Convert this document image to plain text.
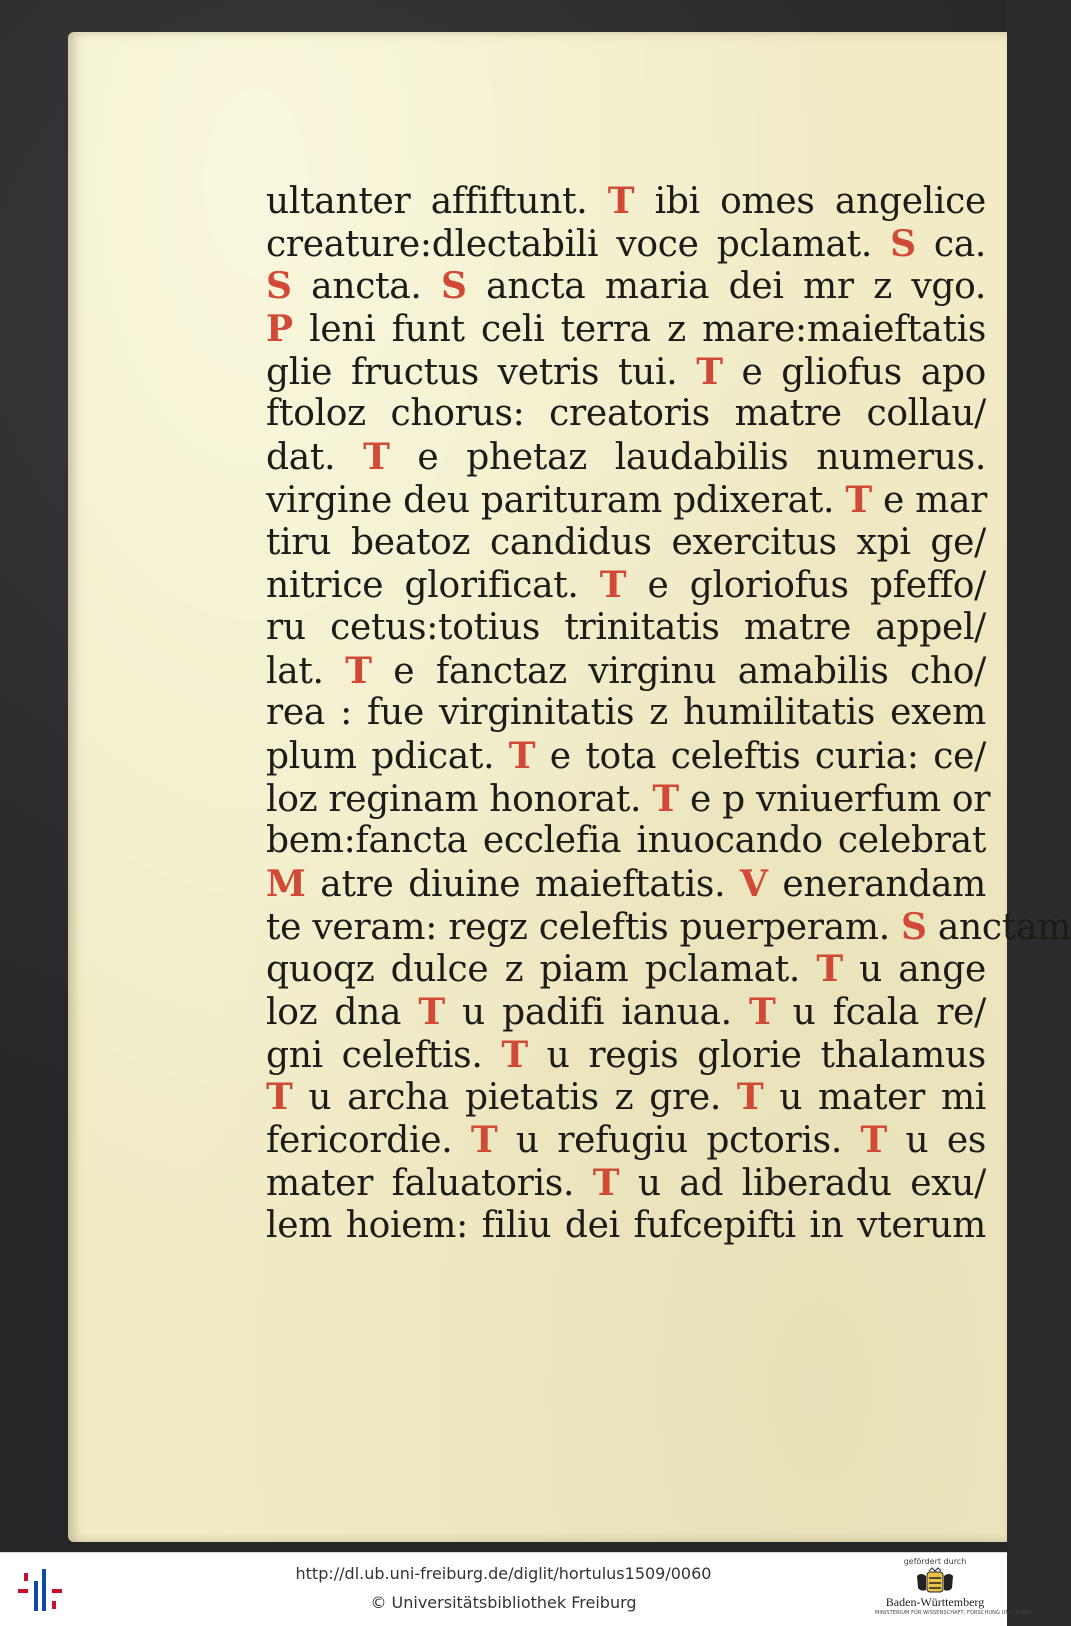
ultanter affiftunt. T ibi omes angelice
creature:dlectabili voce pclamat. S ca.
S ancta. S ancta maria dei mr z vgo.
P leni funt celi terra z mare:maieftatis
glie fructus vetris tui. T e gliofus apo
ftoloz chorus: creatoris matre collau/
dat. T e phetaz laudabilis numerus.
virgine deu parituram pdixerat. T e mar
tiru beatoz candidus exercitus xpi ge/
nitrice glorificat. T e gloriofus pfeffo/
ru cetus:totius trinitatis matre appel/
lat. T e fanctaz virginu amabilis cho/
rea : fue virginitatis z humilitatis exem
plum pdicat. T e tota celeftis curia: ce/
loz reginam honorat. T e p vniuerfum or
bem:fancta ecclefia inuocando celebrat
M atre diuine maieftatis. V enerandam
te veram: regz celeftis puerperam. S anctam
quoqz dulce z piam pclamat. T u ange
loz dna T u padifi ianua. T u fcala re/
gni celeftis. T u regis glorie thalamus
T u archa pietatis z gre. T u mater mi
fericordie. T u refugiu pctoris. T u es
mater faluatoris. T u ad liberadu exu/
lem hoiem: filiu dei fufcepifti in vterum
http://dl.ub.uni-freiburg.de/diglit/hortulus1509/0060
© Universitätsbibliothek Freiburg
gefördert durch
Baden-Württemberg
MINISTERIUM FÜR WISSENSCHAFT, FORSCHUNG UND KUNST
